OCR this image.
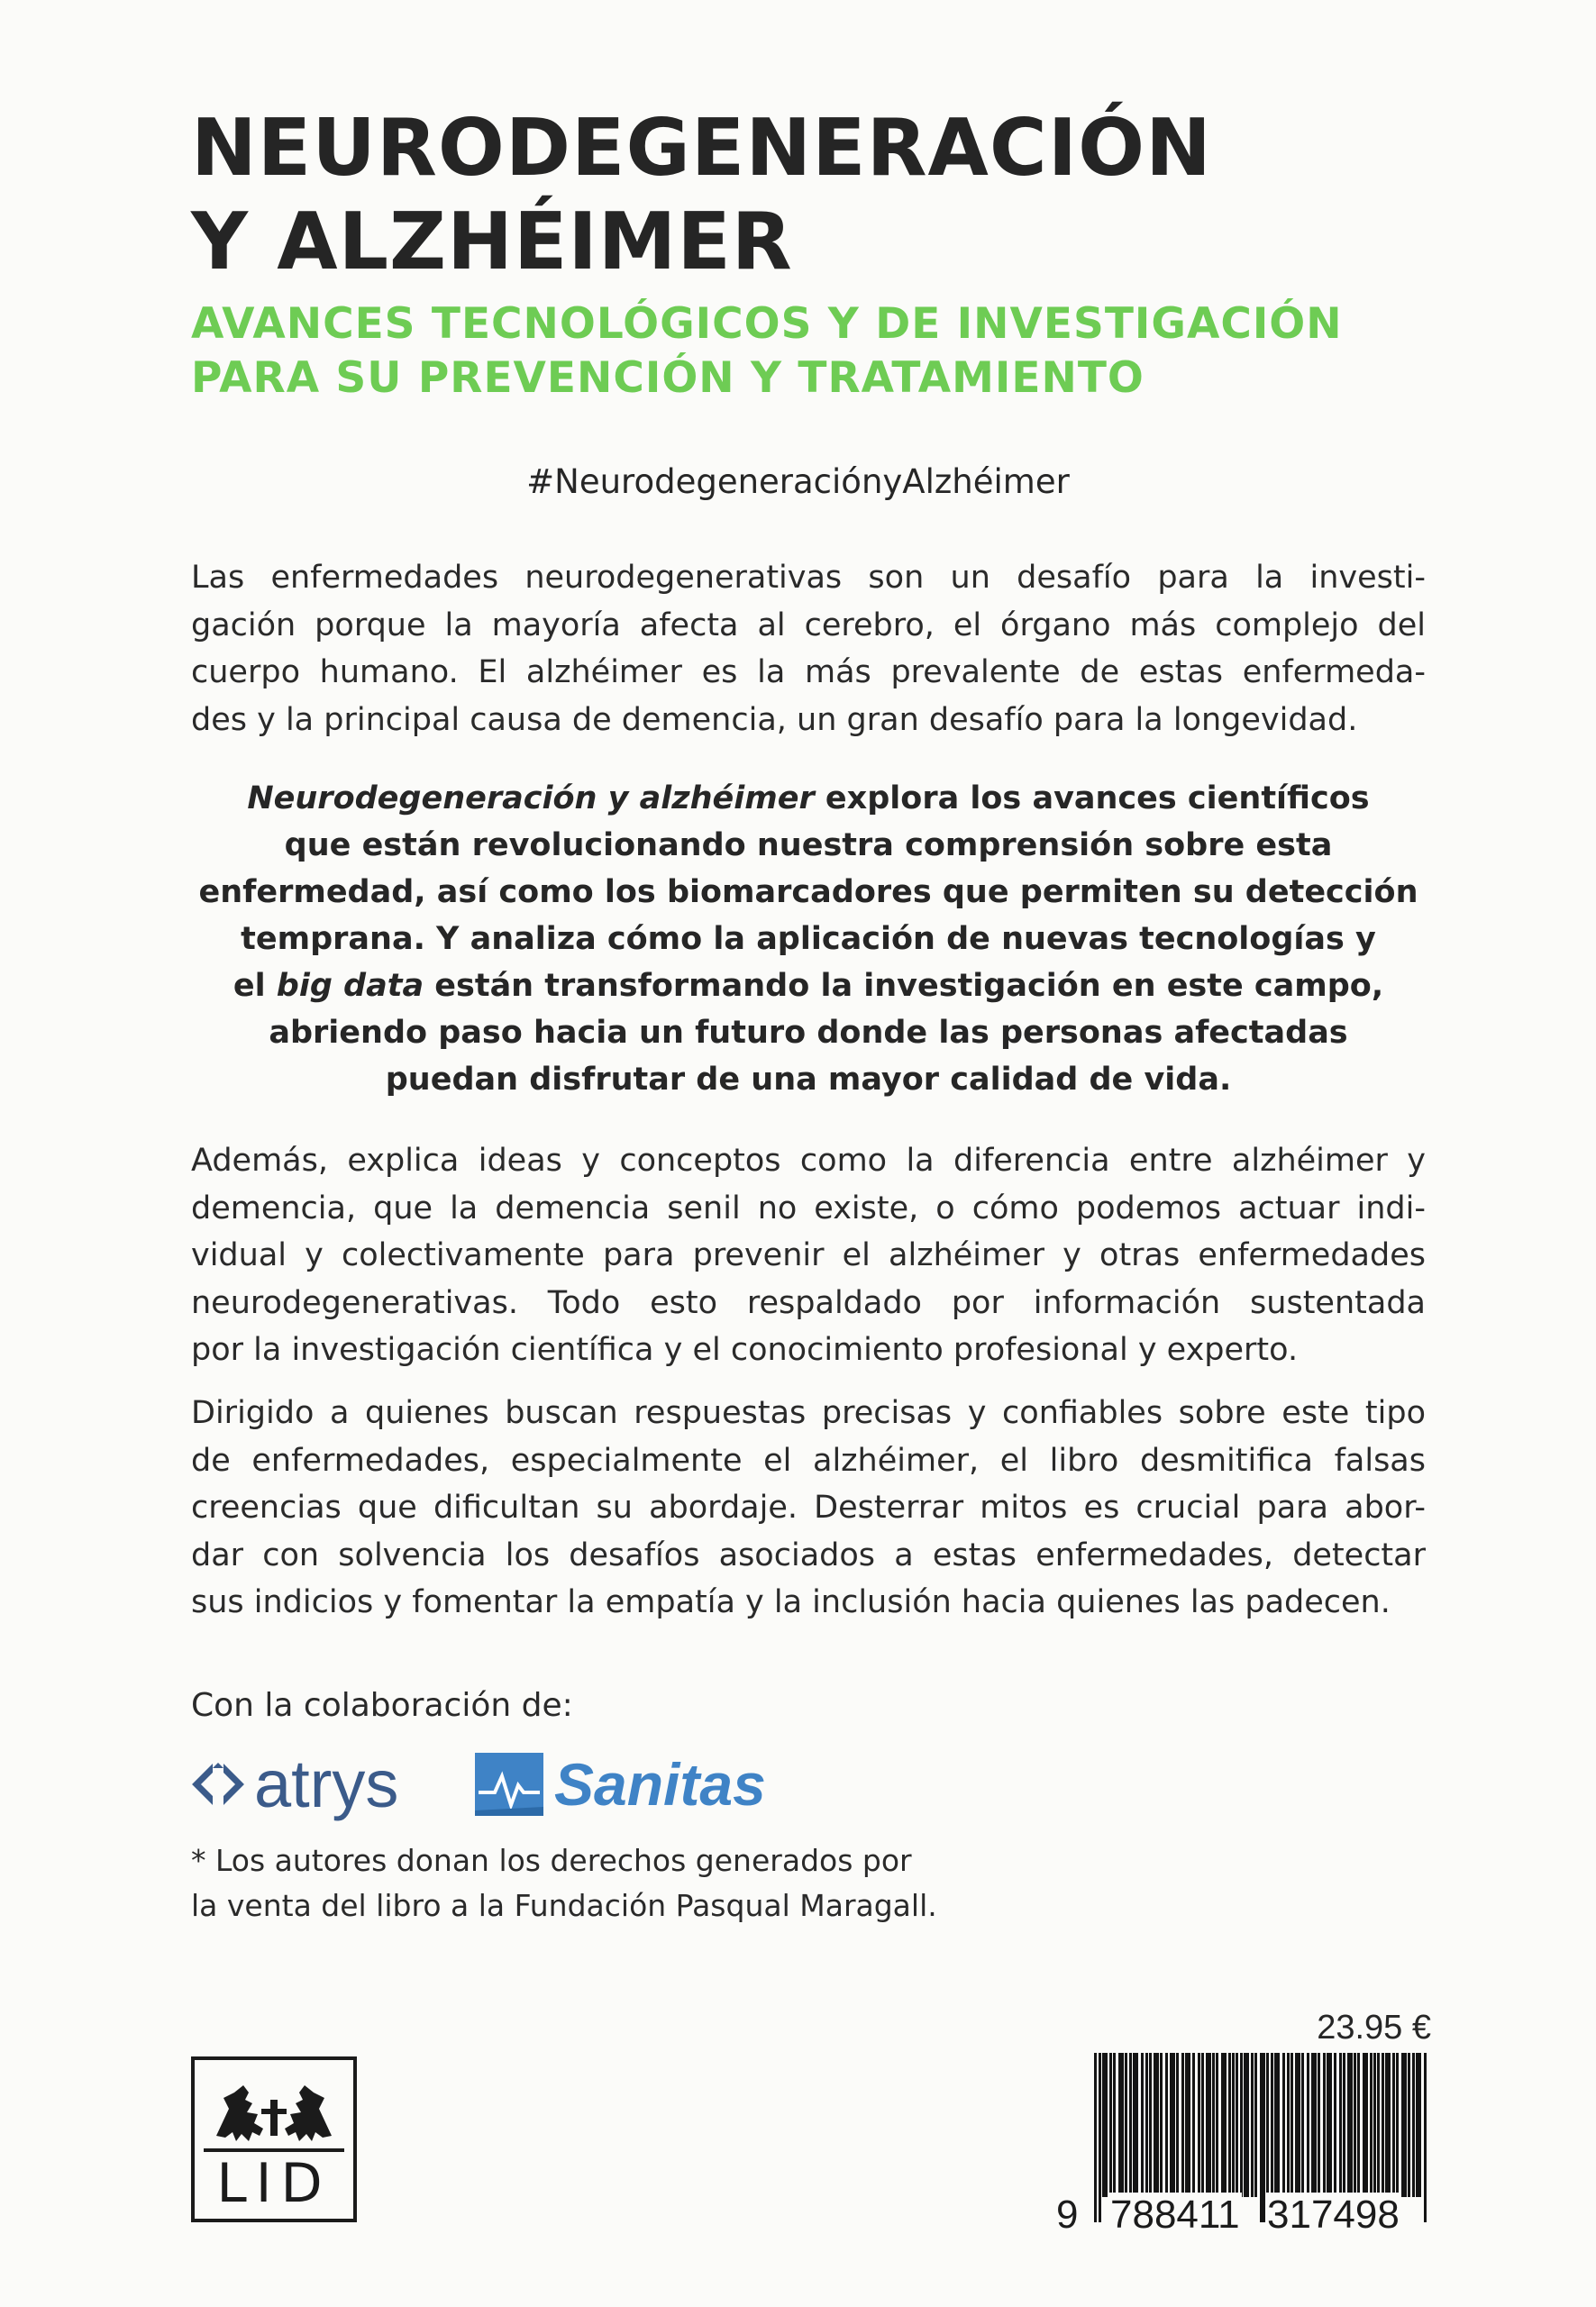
NEURODEGENERACIÓN
Y ALZHÉIMER
AVANCES TECNOLÓGICOS Y DE INVESTIGACIÓN
PARA SU PREVENCIÓN Y TRATAMIENTO
#NeurodegeneraciónyAlzhéimer

Las enfermedades neurodegenerativas son un desafío para la investi-
gación porque la mayoría afecta al cerebro, el órgano más complejo del
cuerpo humano. El alzhéimer es la más prevalente de estas enfermeda-
des y la principal causa de demencia, un gran desafío para la longevidad.

Neurodegeneración y alzhéimer explora los avances científicos
que están revolucionando nuestra comprensión sobre esta
enfermedad, así como los biomarcadores que permiten su detección
temprana. Y analiza cómo la aplicación de nuevas tecnologías y
el big data están transformando la investigación en este campo,
abriendo paso hacia un futuro donde las personas afectadas
puedan disfrutar de una mayor calidad de vida.

Además, explica ideas y conceptos como la diferencia entre alzhéimer y
demencia, que la demencia senil no existe, o cómo podemos actuar indi-
vidual y colectivamente para prevenir el alzhéimer y otras enfermedades
neurodegenerativas. Todo esto respaldado por información sustentada
por la investigación científica y el conocimiento profesional y experto.

Dirigido a quienes buscan respuestas precisas y confiables sobre este tipo
de enfermedades, especialmente el alzhéimer, el libro desmitifica falsas
creencias que dificultan su abordaje. Desterrar mitos es crucial para abor-
dar con solvencia los desafíos asociados a estas enfermedades, detectar
sus indicios y fomentar la empatía y la inclusión hacia quienes las padecen.

Con la colaboración de:
atrys	Sanitas
* Los autores donan los derechos generados por
la venta del libro a la Fundación Pasqual Maragall.
LID
23.95 €
9 788411 317498
